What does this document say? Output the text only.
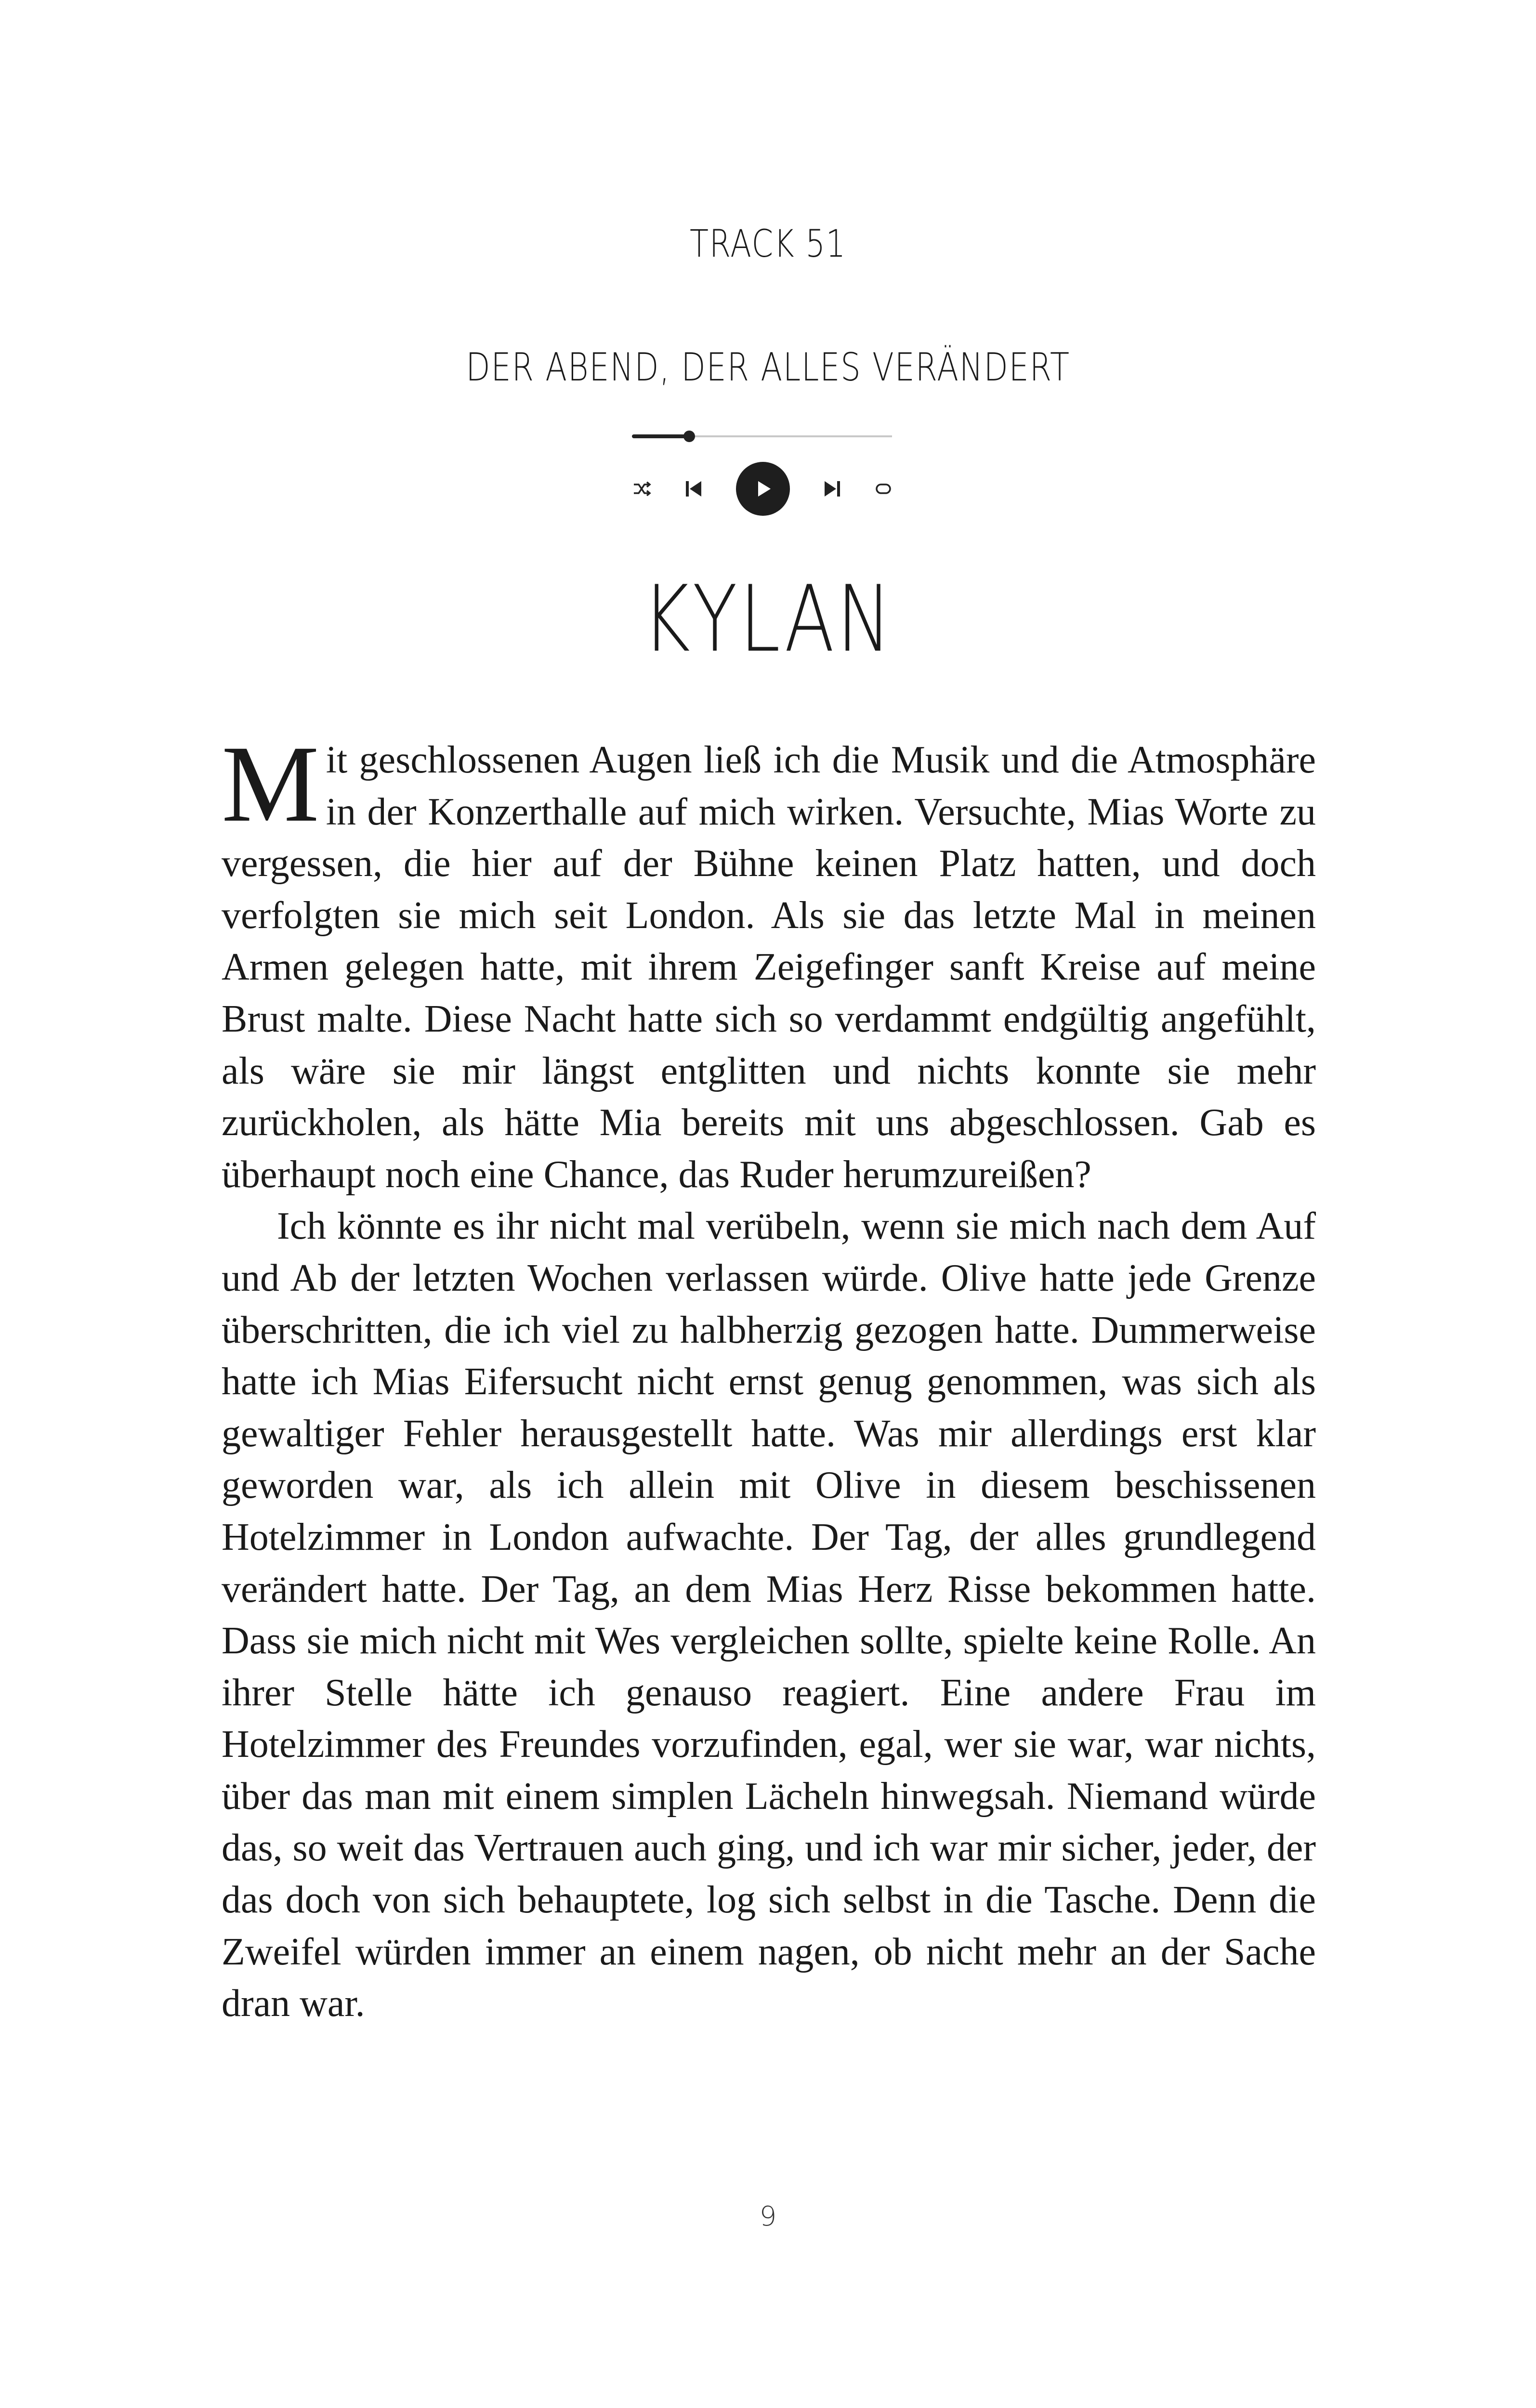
TRACK 51
DER ABEND, DER ALLES VERÄNDERT
KYLAN

Mit geschlossenen Augen ließ ich die Musik und die Atmosphäre in der Konzerthalle auf mich wirken. Versuchte, Mias Worte zu vergessen, die hier auf der Bühne keinen Platz hatten, und doch verfolgten sie mich seit London. Als sie das letzte Mal in meinen Armen gelegen hatte, mit ihrem Zeigefinger sanft Kreise auf meine Brust malte. Diese Nacht hatte sich so verdammt endgültig angefühlt, als wäre sie mir längst entglitten und nichts konnte sie mehr zurückholen, als hätte Mia bereits mit uns abgeschlossen. Gab es überhaupt noch eine Chance, das Ruder herumzureißen?

Ich könnte es ihr nicht mal verübeln, wenn sie mich nach dem Auf und Ab der letzten Wochen verlassen würde. Olive hatte jede Grenze überschritten, die ich viel zu halbherzig gezogen hatte. Dummerweise hatte ich Mias Eifersucht nicht ernst genug genommen, was sich als gewaltiger Fehler herausgestellt hatte. Was mir allerdings erst klar geworden war, als ich allein mit Olive in diesem beschissenen Hotelzimmer in London aufwachte. Der Tag, der alles grundlegend verändert hatte. Der Tag, an dem Mias Herz Risse bekommen hatte. Dass sie mich nicht mit Wes vergleichen sollte, spielte keine Rolle. An ihrer Stelle hätte ich genauso reagiert. Eine andere Frau im Hotelzimmer des Freundes vorzufinden, egal, wer sie war, war nichts, über das man mit einem simplen Lächeln hinwegsah. Niemand würde das, so weit das Vertrauen auch ging, und ich war mir sicher, jeder, der das doch von sich behauptete, log sich selbst in die Tasche. Denn die Zweifel würden immer an einem nagen, ob nicht mehr an der Sache dran war.

9
